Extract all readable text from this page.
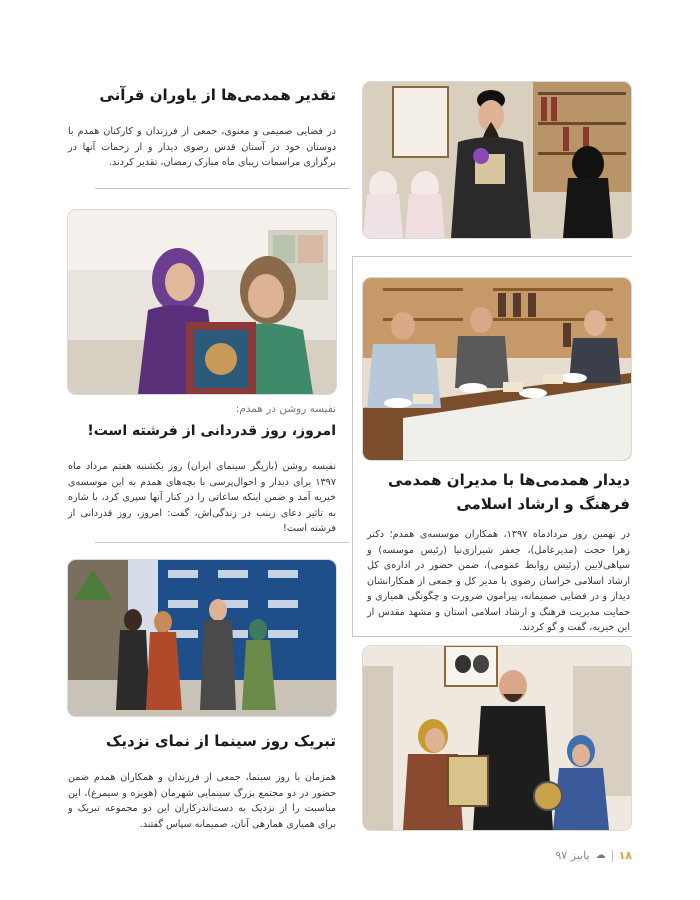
تقدیر همدمی‌ها از یاوران قرآنی
در فضایی صمیمی و معنوی، جمعی از فرزندان و کارکنان همدم با دوستان خود در آستان قدس رضوی دیدار و از زحمات آنها در برگزاری مراسمات زیبای ماه مبارک رمضان، تقدیر کردند.
نفیسه روشن در همدم:
امروز، روز قدردانی از فرشته است!
نفیسه روشن (بازیگر سینمای ایران) روز یکشنبه هفتم مرداد ماه ۱۳۹۷ برای دیدار و احوال‌پرسی با بچه‌های همدم به این موسسه‌ی خیریه آمد و ضمن اینکه ساعاتی را در کنار آنها سپری کرد، با شاره به تاثیر دعای زینب در زندگی‌اش، گفت: امروز، روز قدردانی از فرشته است!
دیدار همدمی‌ها با مدیران همدمی فرهنگ و ارشاد اسلامی
در نهمین روز مردادماه ۱۳۹۷، همکاران موسسه‌ی همدم؛ دکتر زهرا حجت (مدیرعامل)، جعفر شیرازی‌نیا (رئیس موسسه) و سپاهی‌لایین (رئیس روابط عمومی)، ضمن حضور در اداره‌ی کل ارشاد اسلامی خراسان رضوی با مدیر کل و جمعی از همکارانشان دیدار و در فضایی صمیمانه، پیرامون ضرورت و چگونگی همیاری و حمایت مدیریت فرهنگ و ارشاد اسلامی استان و مشهد مقدس از این خیریه، گفت و گو کردند.
تبریک روز سینما از نمای نزدیک
همزمان با روز سینما، جمعی از فرزندان و همکاران همدم ضمن حضور در دو مجتمع بزرگ سینمایی شهرمان (هویزه و سیمرغ)، این مناسبت را از نزدیک به دست‌اندرکاران این دو مجموعه تبریک و برای همیاری همارهی آنان، صمیمانه سپاس گفتند.
۱۸
☁
پاییز ۹۷
